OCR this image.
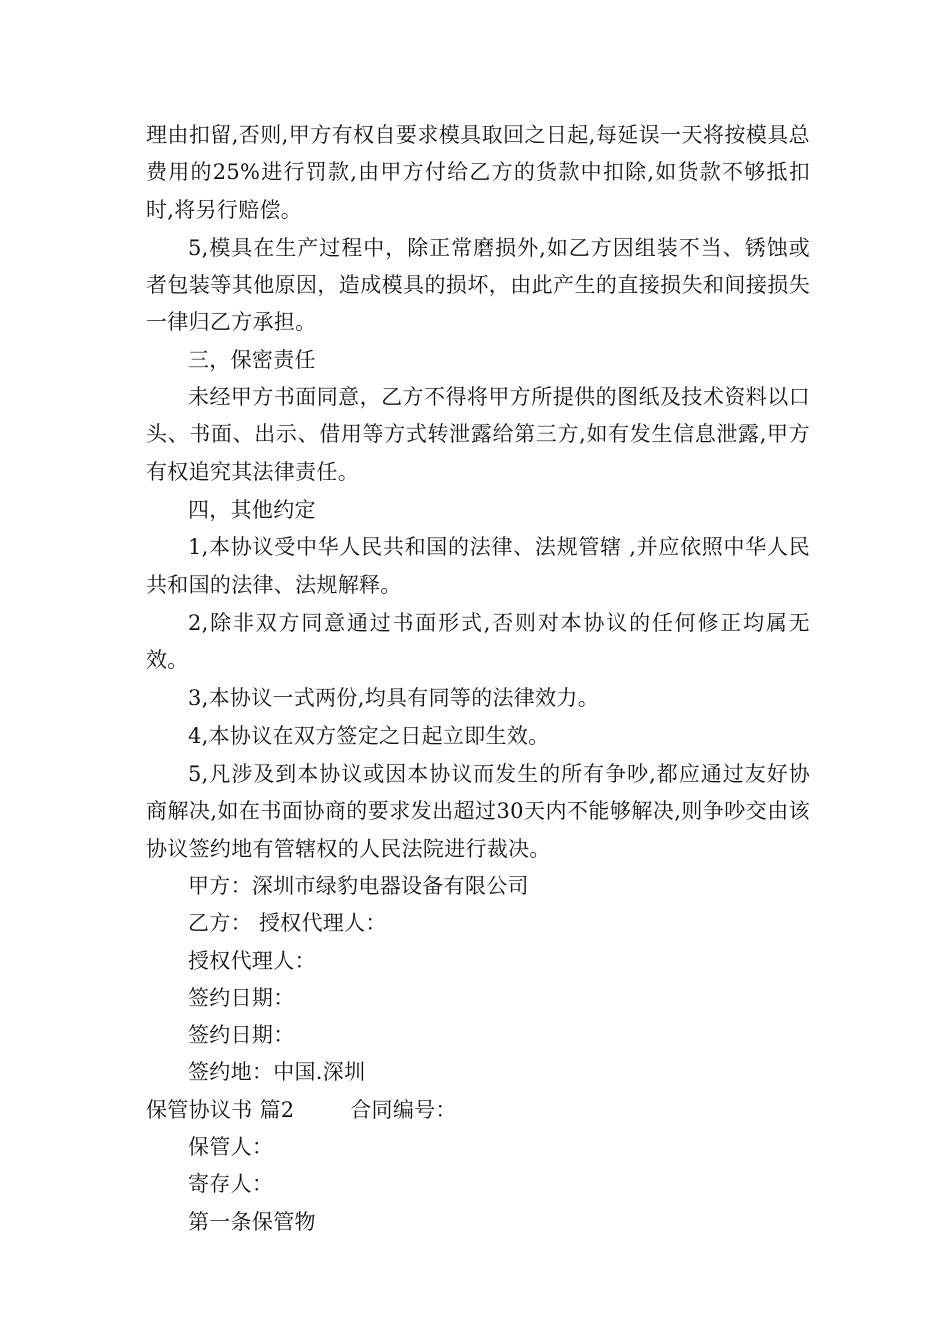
理由扣留,否则,甲方有权自要求模具取回之日起,每延误一天将按模具总费用的25%进行罚款,由甲方付给乙方的货款中扣除,如货款不够抵扣时,将另行赔偿。

5,模具在生产过程中，除正常磨损外,如乙方因组装不当、锈蚀或者包装等其他原因，造成模具的损坏，由此产生的直接损失和间接损失一律归乙方承担。

三，保密责任

未经甲方书面同意，乙方不得将甲方所提供的图纸及技术资料以口头、书面、出示、借用等方式转泄露给第三方,如有发生信息泄露,甲方有权追究其法律责任。

四，其他约定

1,本协议受中华人民共和国的法律、法规管辖 ,并应依照中华人民共和国的法律、法规解释。

2,除非双方同意通过书面形式,否则对本协议的任何修正均属无效。

3,本协议一式两份,均具有同等的法律效力。

4,本协议在双方签定之日起立即生效。

5,凡涉及到本协议或因本协议而发生的所有争吵,都应通过友好协商解决,如在书面协商的要求发出超过30天内不能够解决,则争吵交由该协议签约地有管辖权的人民法院进行裁决。

甲方：深圳市绿豹电器设备有限公司

乙方： 授权代理人：

授权代理人：

签约日期：

签约日期：

签约地：中国.深圳

保管协议书 篇2        合同编号：

保管人：

寄存人：

第一条保管物
